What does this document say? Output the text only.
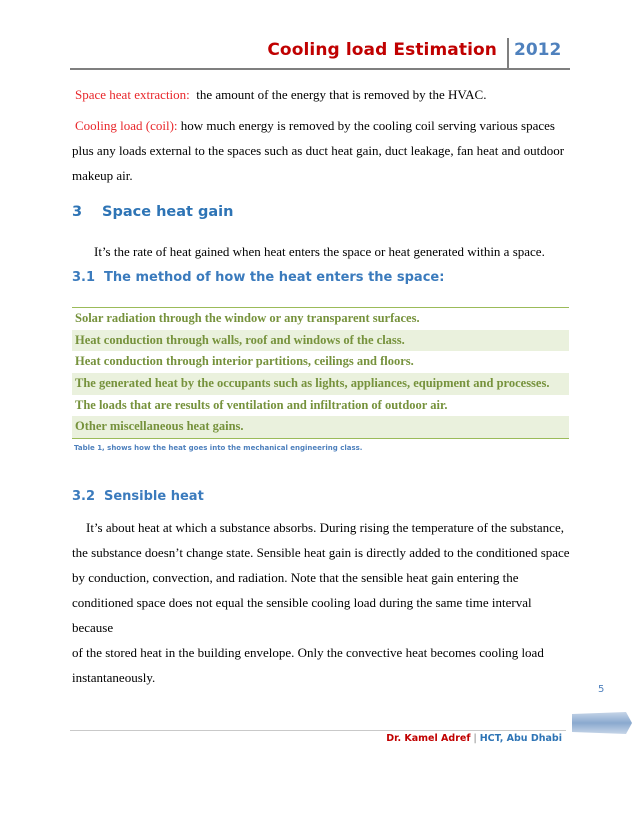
Cooling load Estimation 2012
Space heat extraction: the amount of the energy that is removed by the HVAC.
Cooling load (coil): how much energy is removed by the cooling coil serving various spaces
plus any loads external to the spaces such as duct heat gain, duct leakage, fan heat and outdoor
makeup air.
3 Space heat gain
It’s the rate of heat gained when heat enters the space or heat generated within a space.
3.1 The method of how the heat enters the space:
Solar radiation through the window or any transparent surfaces.
Heat conduction through walls, roof and windows of the class.
Heat conduction through interior partitions, ceilings and floors.
The generated heat by the occupants such as lights, appliances, equipment and processes.
The loads that are results of ventilation and infiltration of outdoor air.
Other miscellaneous heat gains.
Table 1, shows how the heat goes into the mechanical engineering class.
3.2 Sensible heat
It’s about heat at which a substance absorbs. During rising the temperature of the substance,
the substance doesn’t change state. Sensible heat gain is directly added to the conditioned space
by conduction, convection, and radiation. Note that the sensible heat gain entering the
conditioned space does not equal the sensible cooling load during the same time interval because
of the stored heat in the building envelope. Only the convective heat becomes cooling load
instantaneously.
5
Dr. Kamel Adref | HCT, Abu Dhabi
